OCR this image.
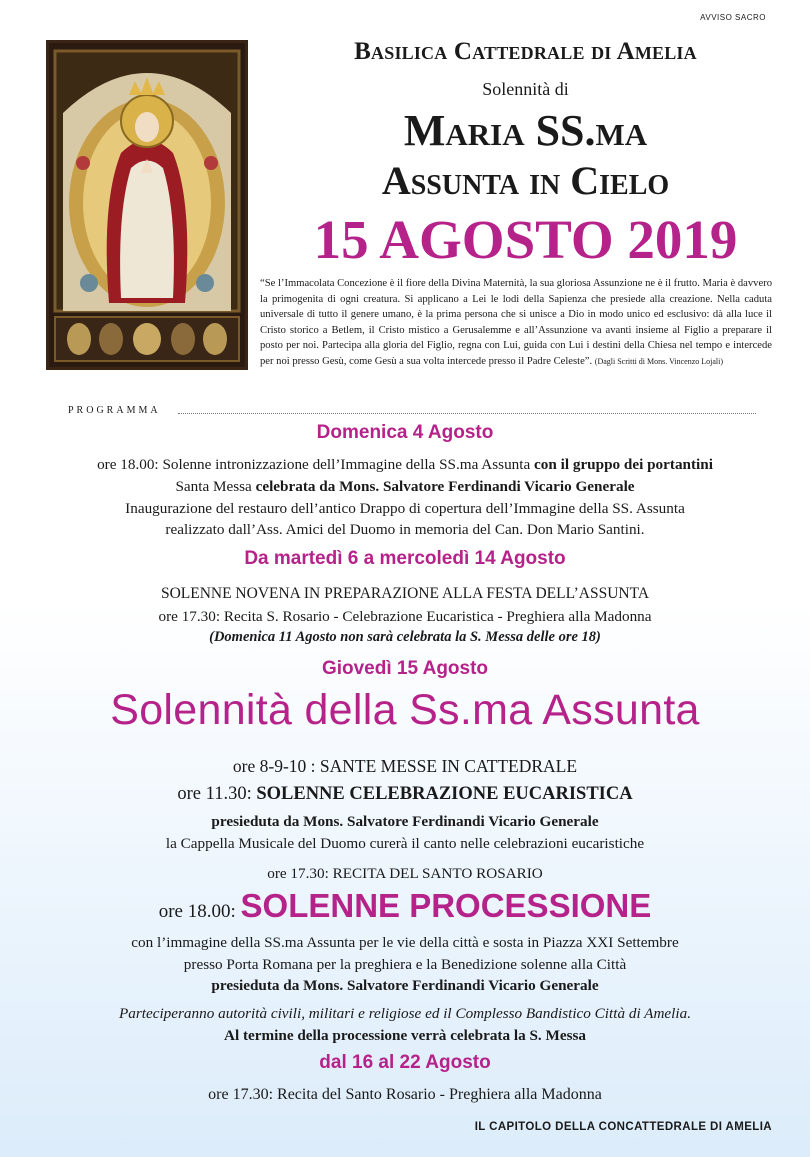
AVVISO SACRO
Basilica Cattedrale di Amelia
Solennità di
Maria SS.ma
Assunta in Cielo
15 AGOSTO 2019
“Se l’Immacolata Concezione è il fiore della Divina Maternità, la sua gloriosa Assunzione ne è il frutto. Maria è davvero la primogenita di ogni creatura. Si applicano a Lei le lodi della Sapienza che presiede alla creazione. Nella caduta universale di tutto il genere umano, è la prima persona che si unisce a Dio in modo unico ed esclusivo: dà alla luce il Cristo storico a Betlem, il Cristo mistico a Gerusalemme e all’Assunzione va avanti insieme al Figlio a preparare il posto per noi. Partecipa alla gloria del Figlio, regna con Lui, guida con Lui i destini della Chiesa nel tempo e intercede per noi presso Gesù, come Gesù a sua volta intercede presso il Padre Celeste”. (Dagli Scritti di Mons. Vincenzo Lojali)
PROGRAMMA
Domenica 4 Agosto
ore 18.00: Solenne intronizzazione dell’Immagine della SS.ma Assunta con il gruppo dei portantini
Santa Messa celebrata da Mons. Salvatore Ferdinandi Vicario Generale
Inaugurazione del restauro dell’antico Drappo di copertura dell’Immagine della SS. Assunta
realizzato dall’Ass. Amici del Duomo in memoria del Can. Don Mario Santini.
Da martedì 6 a mercoledì 14 Agosto
SOLENNE NOVENA IN PREPARAZIONE ALLA FESTA DELL’ASSUNTA
ore 17.30: Recita S. Rosario - Celebrazione Eucaristica - Preghiera alla Madonna
(Domenica 11 Agosto non sarà celebrata la S. Messa delle ore 18)
Giovedì 15 Agosto
Solennità della Ss.ma Assunta
ore 8-9-10 : SANTE MESSE IN CATTEDRALE
ore 11.30: SOLENNE CELEBRAZIONE EUCARISTICA
presieduta da Mons. Salvatore Ferdinandi Vicario Generale
la Cappella Musicale del Duomo curerà il canto nelle celebrazioni eucaristiche
ore 17.30: RECITA DEL SANTO ROSARIO
ore 18.00: SOLENNE PROCESSIONE
con l’immagine della SS.ma Assunta per le vie della città e sosta in Piazza XXI Settembre
presso Porta Romana per la preghiera e la Benedizione solenne alla Città
presieduta da Mons. Salvatore Ferdinandi Vicario Generale
Parteciperanno autorità civili, militari e religiose ed il Complesso Bandistico Città di Amelia.
Al termine della processione verrà celebrata la S. Messa
dal 16 al 22 Agosto
ore 17.30: Recita del Santo Rosario - Preghiera alla Madonna
IL CAPITOLO DELLA CONCATTEDRALE DI AMELIA
